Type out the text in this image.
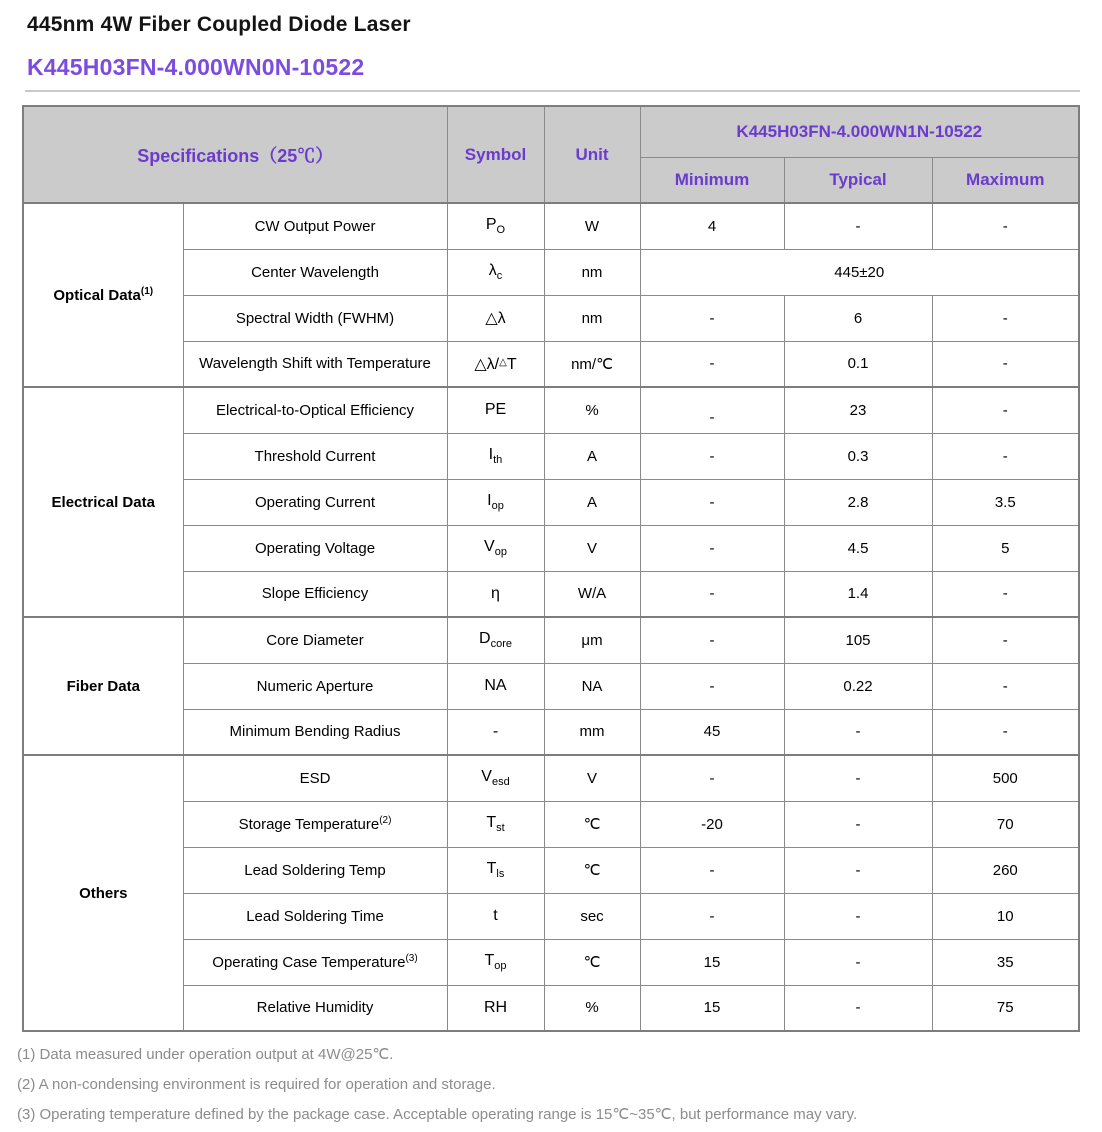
445nm 4W Fiber Coupled Diode Laser
K445H03FN-4.000WN0N-10522
Specifications（25℃）		Symbol	Unit	K445H03FN-4.000WN1N-10522		
				Minimum	Typical	Maximum
Optical Data$^{(1)}$	CW Output Power	$P_O$	W	4	-	-
	Center Wavelength	$\lambda_c$	nm	445±20		
	Spectral Width (FWHM)	△λ	nm	-	6	-
	Wavelength Shift with Temperature	△λ/△T	nm/℃	-	0.1	-
Electrical Data	Electrical-to-Optical Efficiency	PE	%	-	23	-
	Threshold Current	$I_{th}$	A	-	0.3	-
	Operating Current	$I_{op}$	A	-	2.8	3.5
	Operating Voltage	$V_{op}$	V	-	4.5	5
	Slope Efficiency	η	W/A	-	1.4	-
Fiber Data	Core Diameter	$D_{core}$	μm	-	105	-
	Numeric Aperture	NA	NA	-	0.22	-
	Minimum Bending Radius	-	mm	45	-	-
Others	ESD	$V_{esd}$	V	-	-	500
	Storage Temperature$^{(2)}$	$T_{st}$	℃	-20	-	70
	Lead Soldering Temp	$T_{ls}$	℃	-	-	260
	Lead Soldering Time	t	sec	-	-	10
	Operating Case Temperature$^{(3)}$	$T_{op}$	℃	15	-	35
	Relative Humidity	RH	%	15	-	75

(1) Data measured under operation output at 4W@25℃.

(2) A non-condensing environment is required for operation and storage.

(3) Operating temperature defined by the package case. Acceptable operating range is 15℃~35℃, but performance may vary.
